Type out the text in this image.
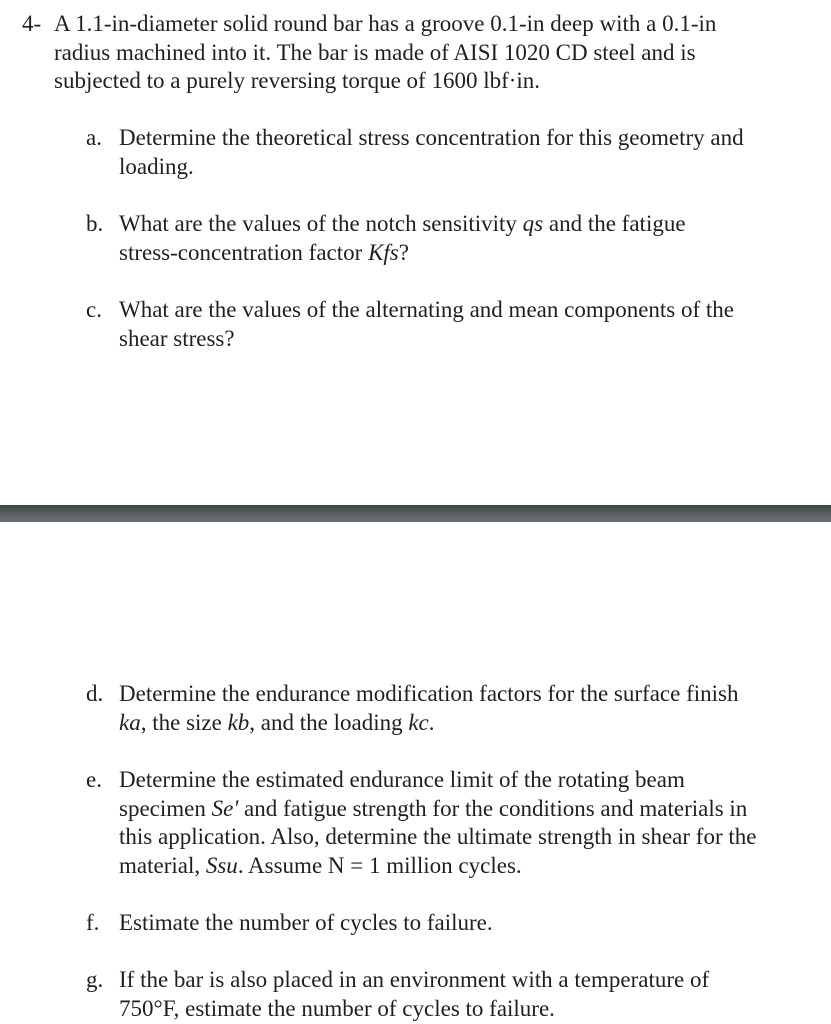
4- A 1.1-in-diameter solid round bar has a groove 0.1-in deep with a 0.1-in
radius machined into it. The bar is made of AISI 1020 CD steel and is
subjected to a purely reversing torque of 1600 lbf·in.
a. Determine the theoretical stress concentration for this geometry and
loading.
b. What are the values of the notch sensitivity qs and the fatigue
stress-concentration factor Kfs?
c. What are the values of the alternating and mean components of the
shear stress?
d. Determine the endurance modification factors for the surface finish
ka, the size kb, and the loading kc.
e. Determine the estimated endurance limit of the rotating beam
specimen Se' and fatigue strength for the conditions and materials in
this application. Also, determine the ultimate strength in shear for the
material, Ssu. Assume N = 1 million cycles.
f. Estimate the number of cycles to failure.
g. If the bar is also placed in an environment with a temperature of
750°F, estimate the number of cycles to failure.
